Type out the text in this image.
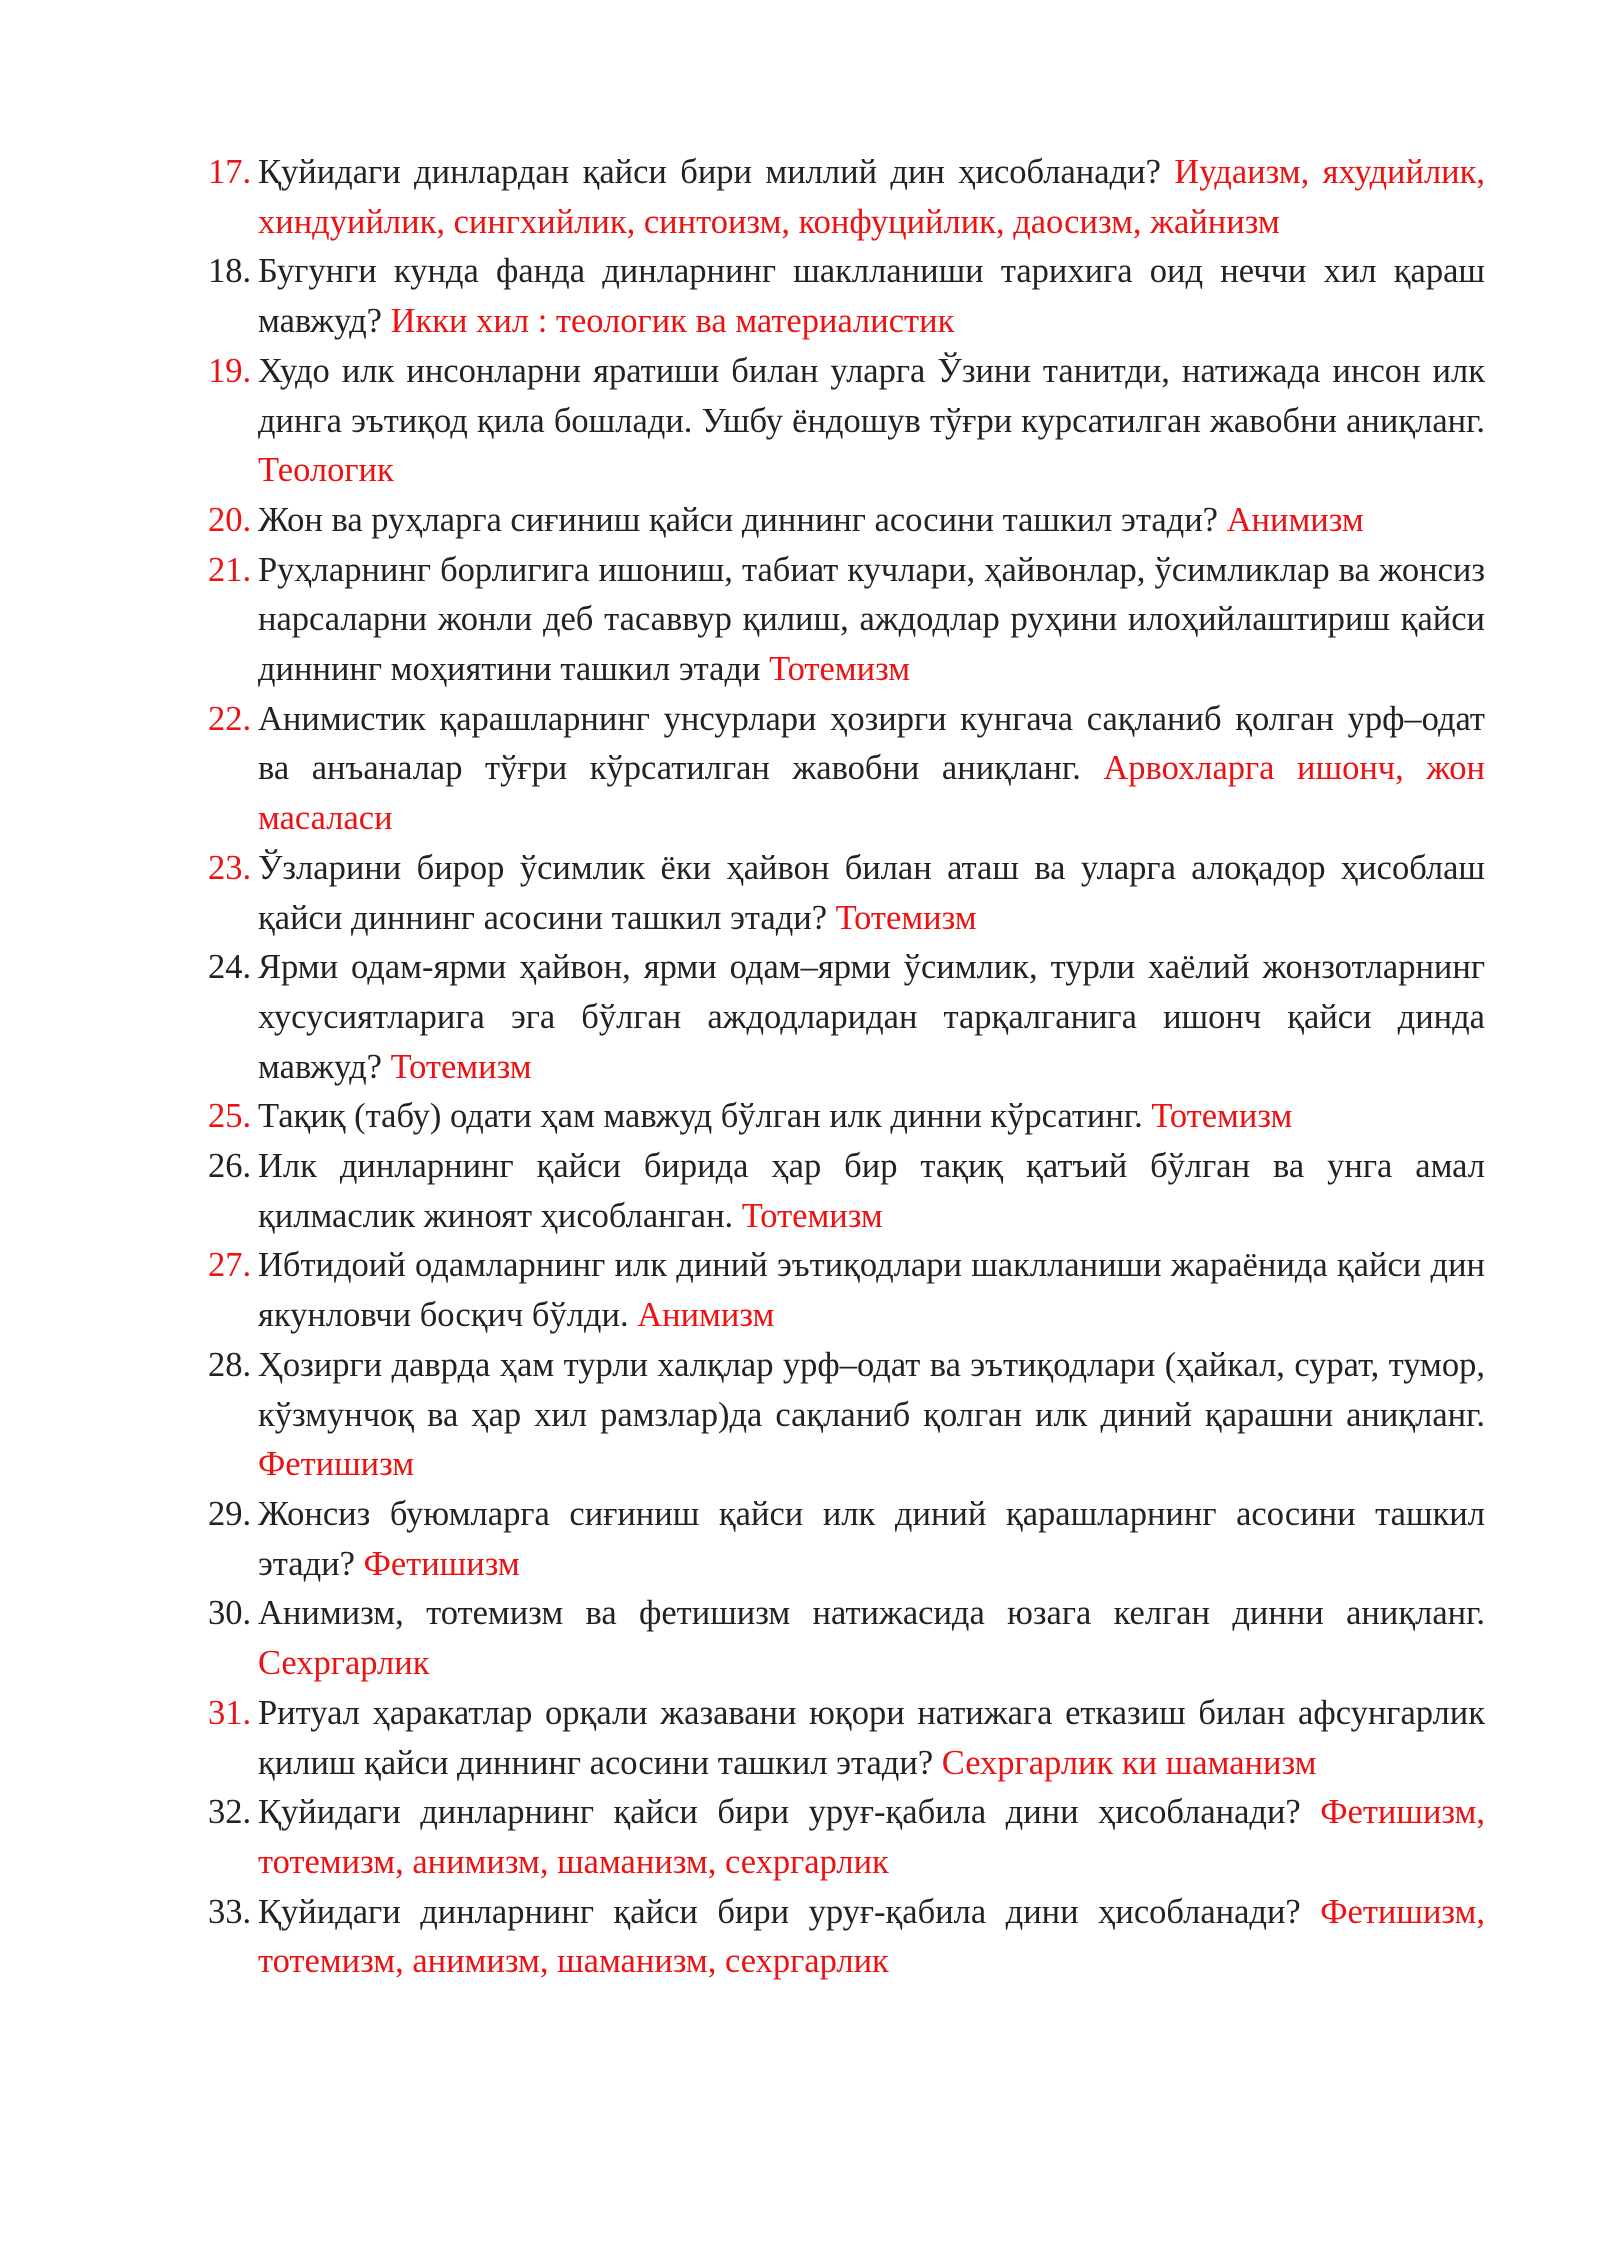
17. Қуйидаги динлардан қайси бири миллий дин ҳисобланади? Иудаизм, яхудийлик, хиндуийлик, сингхийлик, синтоизм, конфуцийлик, даосизм, жайнизм
18. Бугунги кунда фанда динларнинг шаклланиши тарихига оид неччи хил қараш мавжуд? Икки хил : теологик ва материалистик
19. Худо илк инсонларни яратиши билан уларга Ўзини танитди, натижада инсон илк динга эътиқод қила бошлади. Ушбу ёндошув тўғри курсатилган жавобни аниқланг. Теологик
20. Жон ва руҳларга сиғиниш қайси диннинг асосини ташкил этади? Анимизм
21. Руҳларнинг борлигига ишониш, табиат кучлари, ҳайвонлар, ўсимликлар ва жонсиз нарсаларни жонли деб тасаввур қилиш, аждодлар руҳини илоҳийлаштириш қайси диннинг моҳиятини ташкил этади Тотемизм
22. Анимистик қарашларнинг унсурлари ҳозирги кунгача сақланиб қолган урф–одат ва анъаналар тўғри кўрсатилган жавобни аниқланг. Арвохларга ишонч, жон масаласи
23. Ўзларини бирор ўсимлик ёки ҳайвон билан аташ ва уларга алоқадор ҳисоблаш қайси диннинг асосини ташкил этади? Тотемизм
24. Ярми одам-ярми ҳайвон, ярми одам–ярми ўсимлик, турли хаёлий жонзотларнинг хусусиятларига эга бўлган аждодларидан тарқалганига ишонч қайси динда мавжуд? Тотемизм
25. Тақиқ (табу) одати ҳам мавжуд бўлган илк динни кўрсатинг. Тотемизм
26. Илк динларнинг қайси бирида ҳар бир тақиқ қатъий бўлган ва унга амал қилмаслик жиноят ҳисобланган. Тотемизм
27. Ибтидоий одамларнинг илк диний эътиқодлари шаклланиши жараёнида қайси дин якунловчи босқич бўлди. Анимизм
28. Ҳозирги даврда ҳам турли халқлар урф–одат ва эътиқодлари (ҳайкал, сурат, тумор, кўзмунчоқ ва ҳар хил рамзлар)да сақланиб қолган илк диний қарашни аниқланг. Фетишизм
29. Жонсиз буюмларга сиғиниш қайси илк диний қарашларнинг асосини ташкил этади? Фетишизм
30. Анимизм, тотемизм ва фетишизм натижасида юзага келган динни аниқланг. Сехргарлик
31. Ритуал ҳаракатлар орқали жазавани юқори натижага етказиш билан афсунгарлик қилиш қайси диннинг асосини ташкил этади? Сехргарлик ки шаманизм
32. Қуйидаги динларнинг қайси бири уруғ-қабила дини ҳисобланади? Фетишизм, тотемизм, анимизм, шаманизм, сехргарлик
33. Қуйидаги динларнинг қайси бири уруғ-қабила дини ҳисобланади? Фетишизм, тотемизм, анимизм, шаманизм, сехргарлик
